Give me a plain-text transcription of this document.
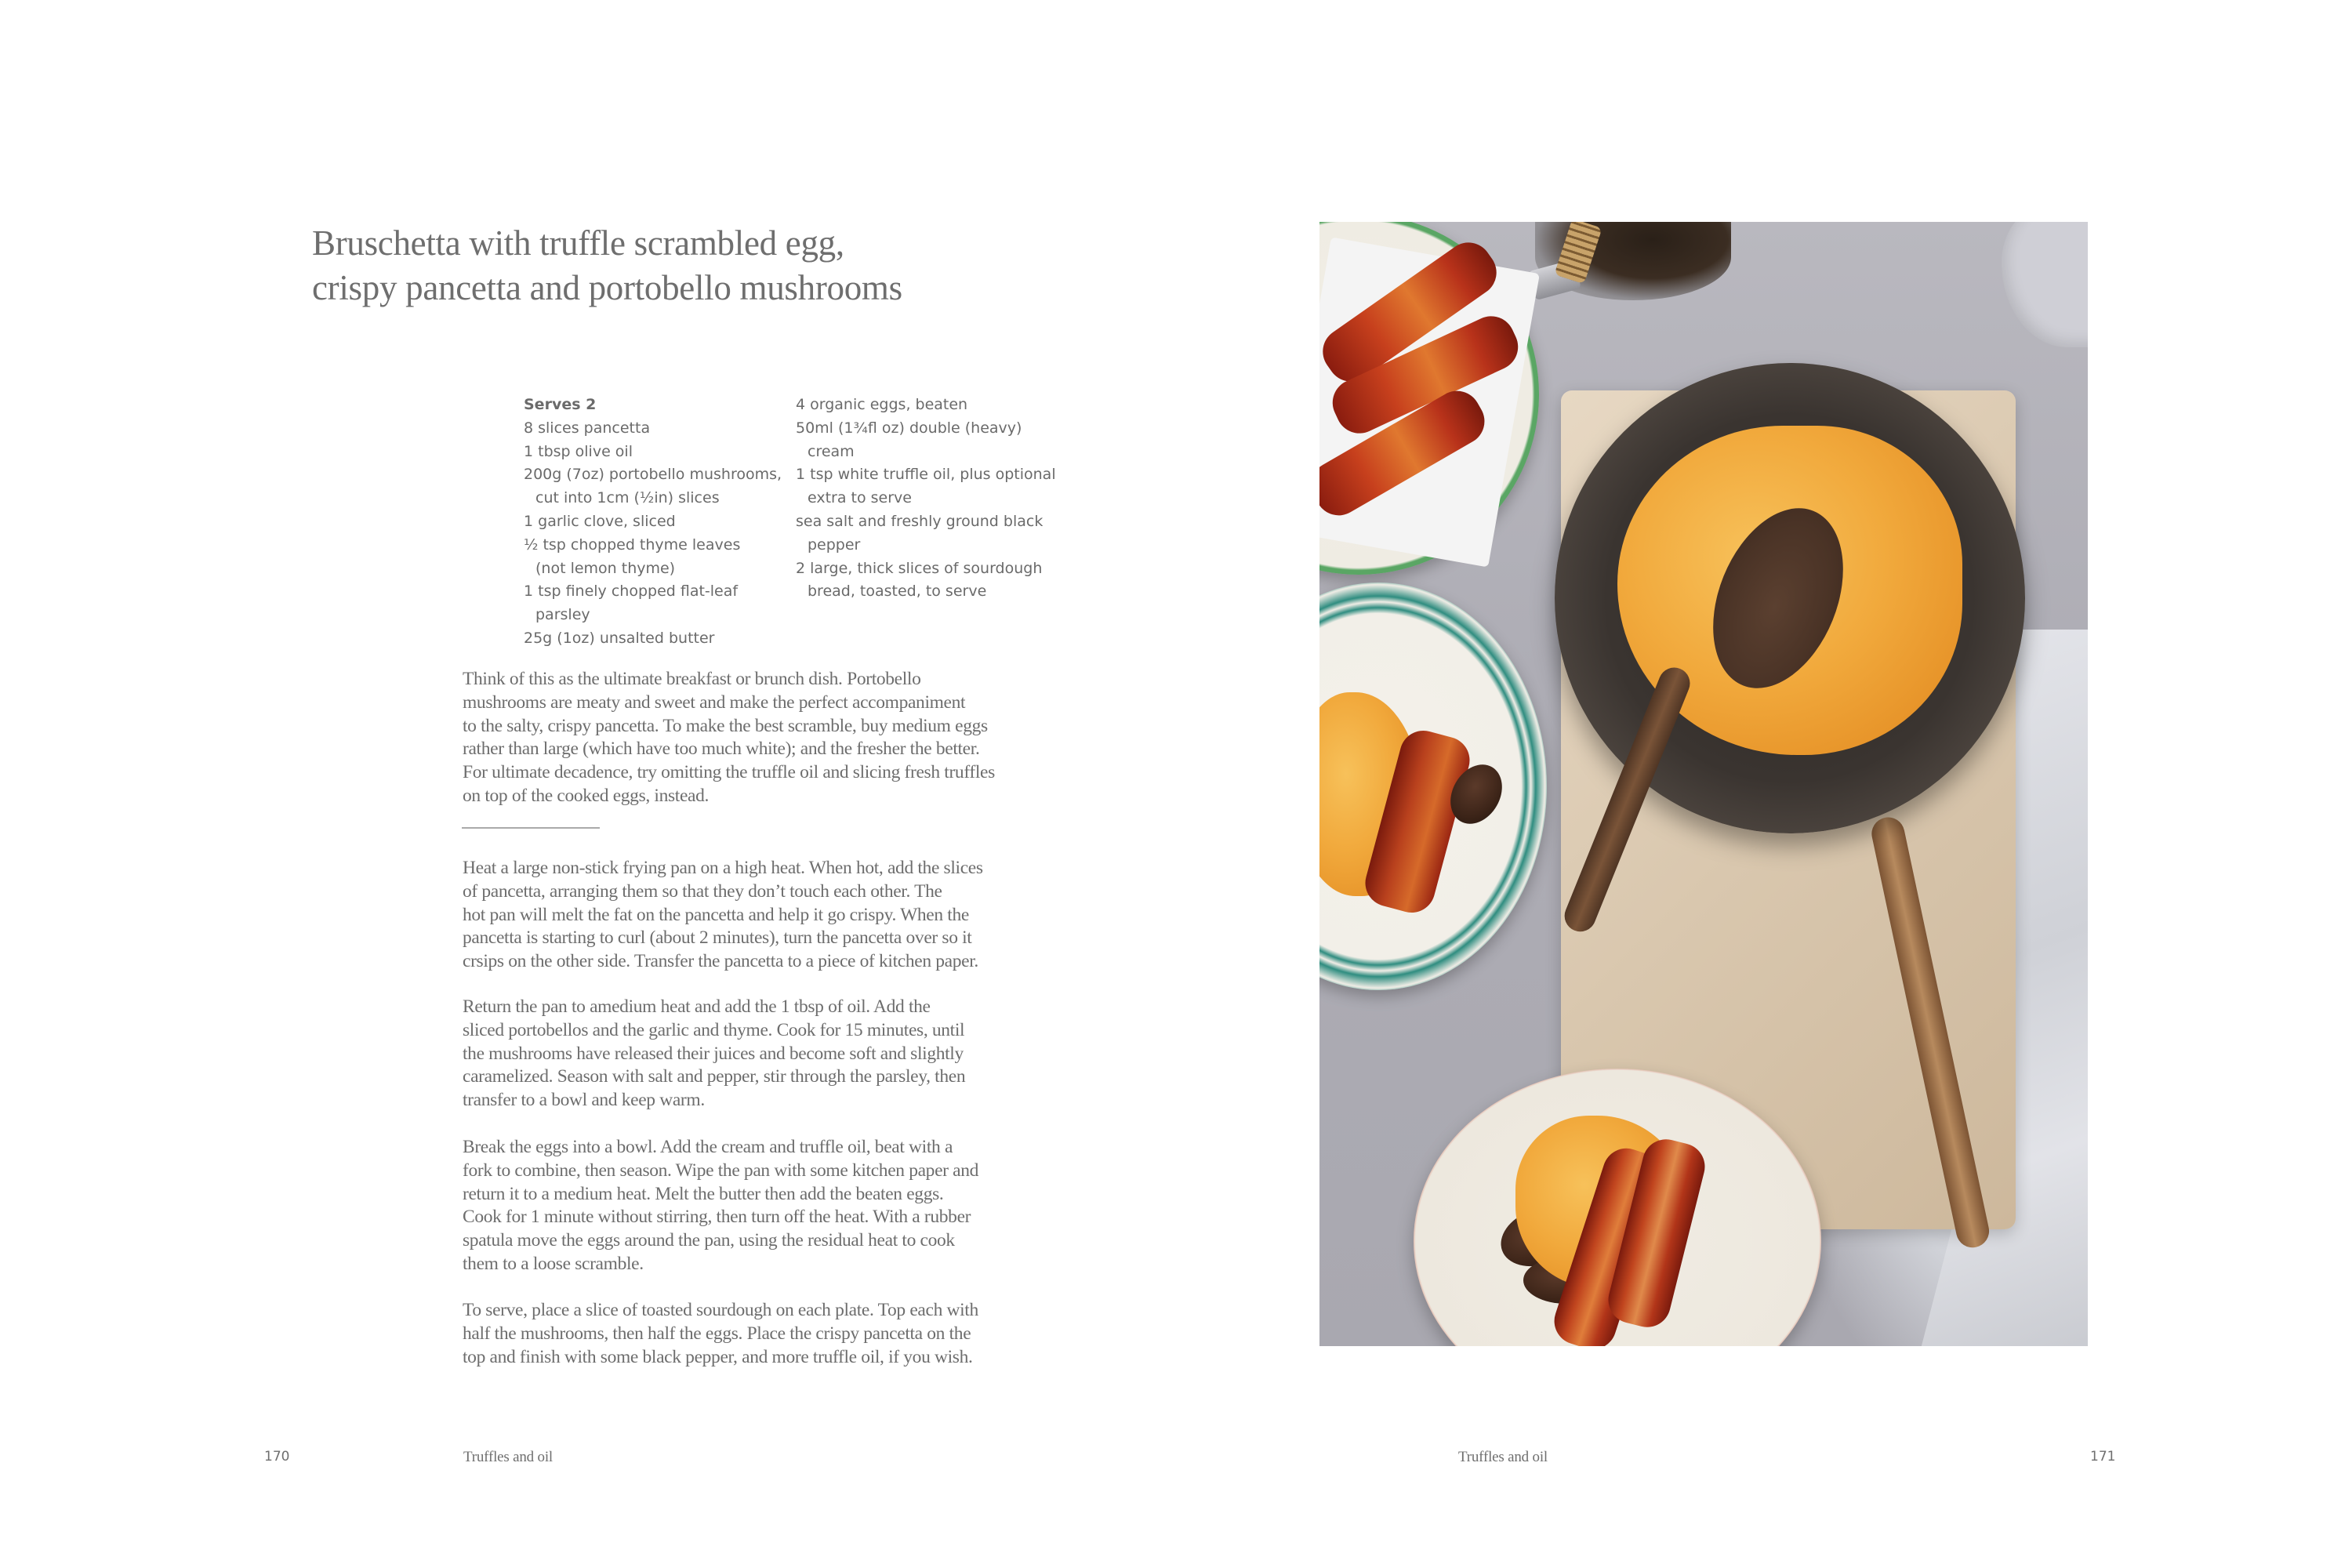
Bruschetta with truffle scrambled egg,
crispy pancetta and portobello mushrooms
Serves 2
8 slices pancetta
1 tbsp olive oil
200g (7oz) portobello mushrooms,
cut into 1cm (½in) slices
1 garlic clove, sliced
½ tsp chopped thyme leaves
(not lemon thyme)
1 tsp finely chopped flat-leaf
parsley
25g (1oz) unsalted butter
4 organic eggs, beaten
50ml (1¾fl oz) double (heavy)
cream
1 tsp white truffle oil, plus optional
extra to serve
sea salt and freshly ground black
pepper
2 large, thick slices of sourdough
bread, toasted, to serve

Think of this as the ultimate breakfast or brunch dish. Portobello
mushrooms are meaty and sweet and make the perfect accompaniment
to the salty, crispy pancetta. To make the best scramble, buy medium eggs
rather than large (which have too much white); and the fresher the better.
For ultimate decadence, try omitting the truffle oil and slicing fresh truffles
on top of the cooked eggs, instead.

Heat a large non-stick frying pan on a high heat. When hot, add the slices
of pancetta, arranging them so that they don’t touch each other. The
hot pan will melt the fat on the pancetta and help it go crispy. When the
pancetta is starting to curl (about 2 minutes), turn the pancetta over so it
crsips on the other side. Transfer the pancetta to a piece of kitchen paper.

Return the pan to amedium heat and add the 1 tbsp of oil. Add the
sliced portobellos and the garlic and thyme. Cook for 15 minutes, until
the mushrooms have released their juices and become soft and slightly
caramelized. Season with salt and pepper, stir through the parsley, then
transfer to a bowl and keep warm.

Break the eggs into a bowl. Add the cream and truffle oil, beat with a
fork to combine, then season. Wipe the pan with some kitchen paper and
return it to a medium heat. Melt the butter then add the beaten eggs.
Cook for 1 minute without stirring, then turn off the heat. With a rubber
spatula move the eggs around the pan, using the residual heat to cook
them to a loose scramble.

To serve, place a slice of toasted sourdough on each plate. Top each with
half the mushrooms, then half the eggs. Place the crispy pancetta on the
top and finish with some black pepper, and more truffle oil, if you wish.

170	Truffles and oil	Truffles and oil	171
